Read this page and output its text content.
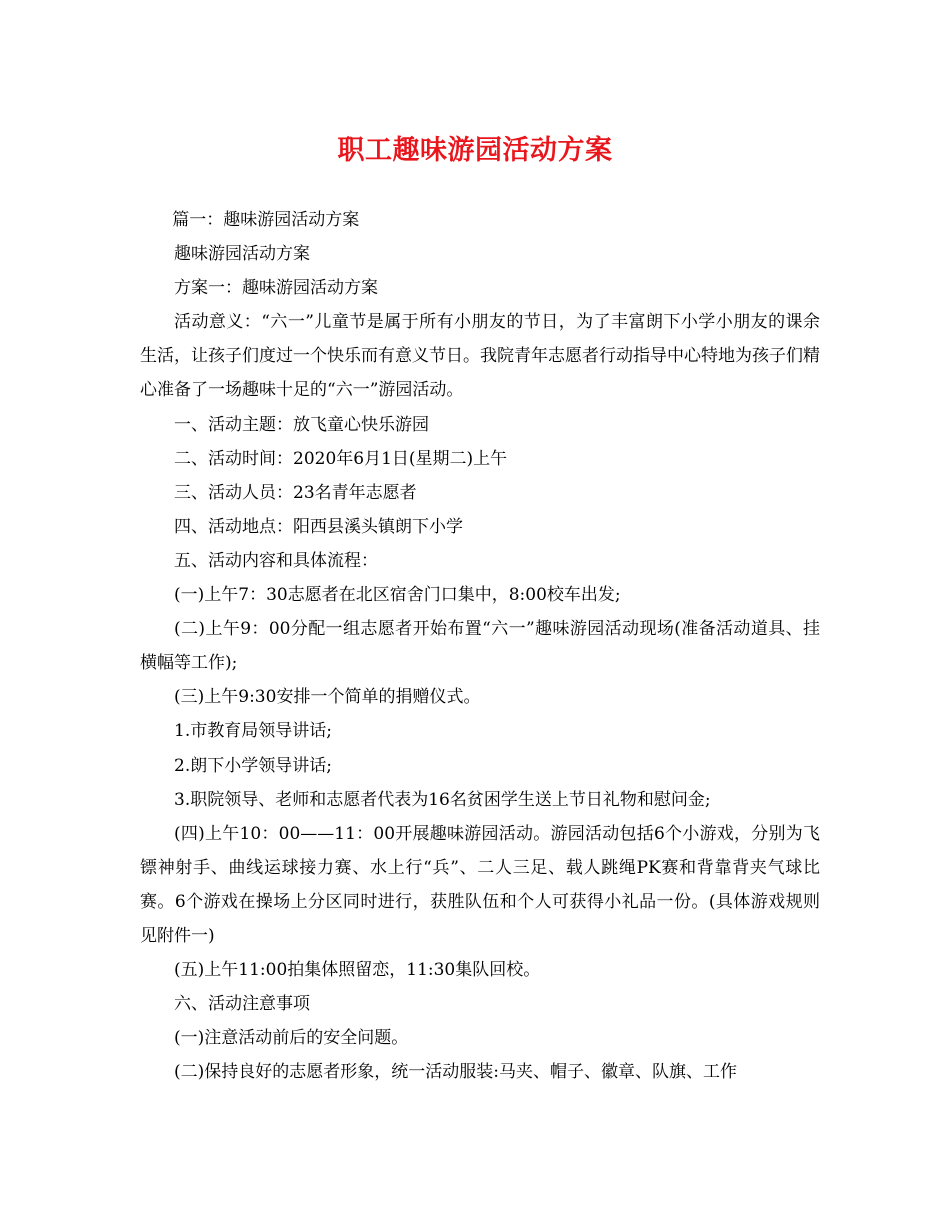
职工趣味游园活动方案

篇一：趣味游园活动方案

趣味游园活动方案

方案一：趣味游园活动方案

活动意义：“六一”儿童节是属于所有小朋友的节日，为了丰富朗下小学小朋友的课余生活，让孩子们度过一个快乐而有意义节日。我院青年志愿者行动指导中心特地为孩子们精心准备了一场趣味十足的“六一”游园活动。

一、活动主题：放飞童心快乐游园

二、活动时间：2020年6月1日(星期二)上午

三、活动人员：23名青年志愿者

四、活动地点：阳西县溪头镇朗下小学

五、活动内容和具体流程：

(一)上午7：30志愿者在北区宿舍门口集中，8:00校车出发;

(二)上午9：00分配一组志愿者开始布置“六一”趣味游园活动现场(准备活动道具、挂横幅等工作);

(三)上午9:30安排一个简单的捐赠仪式。

1.市教育局领导讲话;

2.朗下小学领导讲话;

3.职院领导、老师和志愿者代表为16名贫困学生送上节日礼物和慰问金;

(四)上午10：00——11：00开展趣味游园活动。游园活动包括6个小游戏，分别为飞镖神射手、曲线运球接力赛、水上行“兵”、二人三足、载人跳绳PK赛和背靠背夹气球比赛。6个游戏在操场上分区同时进行，获胜队伍和个人可获得小礼品一份。(具体游戏规则见附件一)

(五)上午11:00拍集体照留恋，11:30集队回校。

六、活动注意事项

(一)注意活动前后的安全问题。

(二)保持良好的志愿者形象，统一活动服装:马夹、帽子、徽章、队旗、工作
